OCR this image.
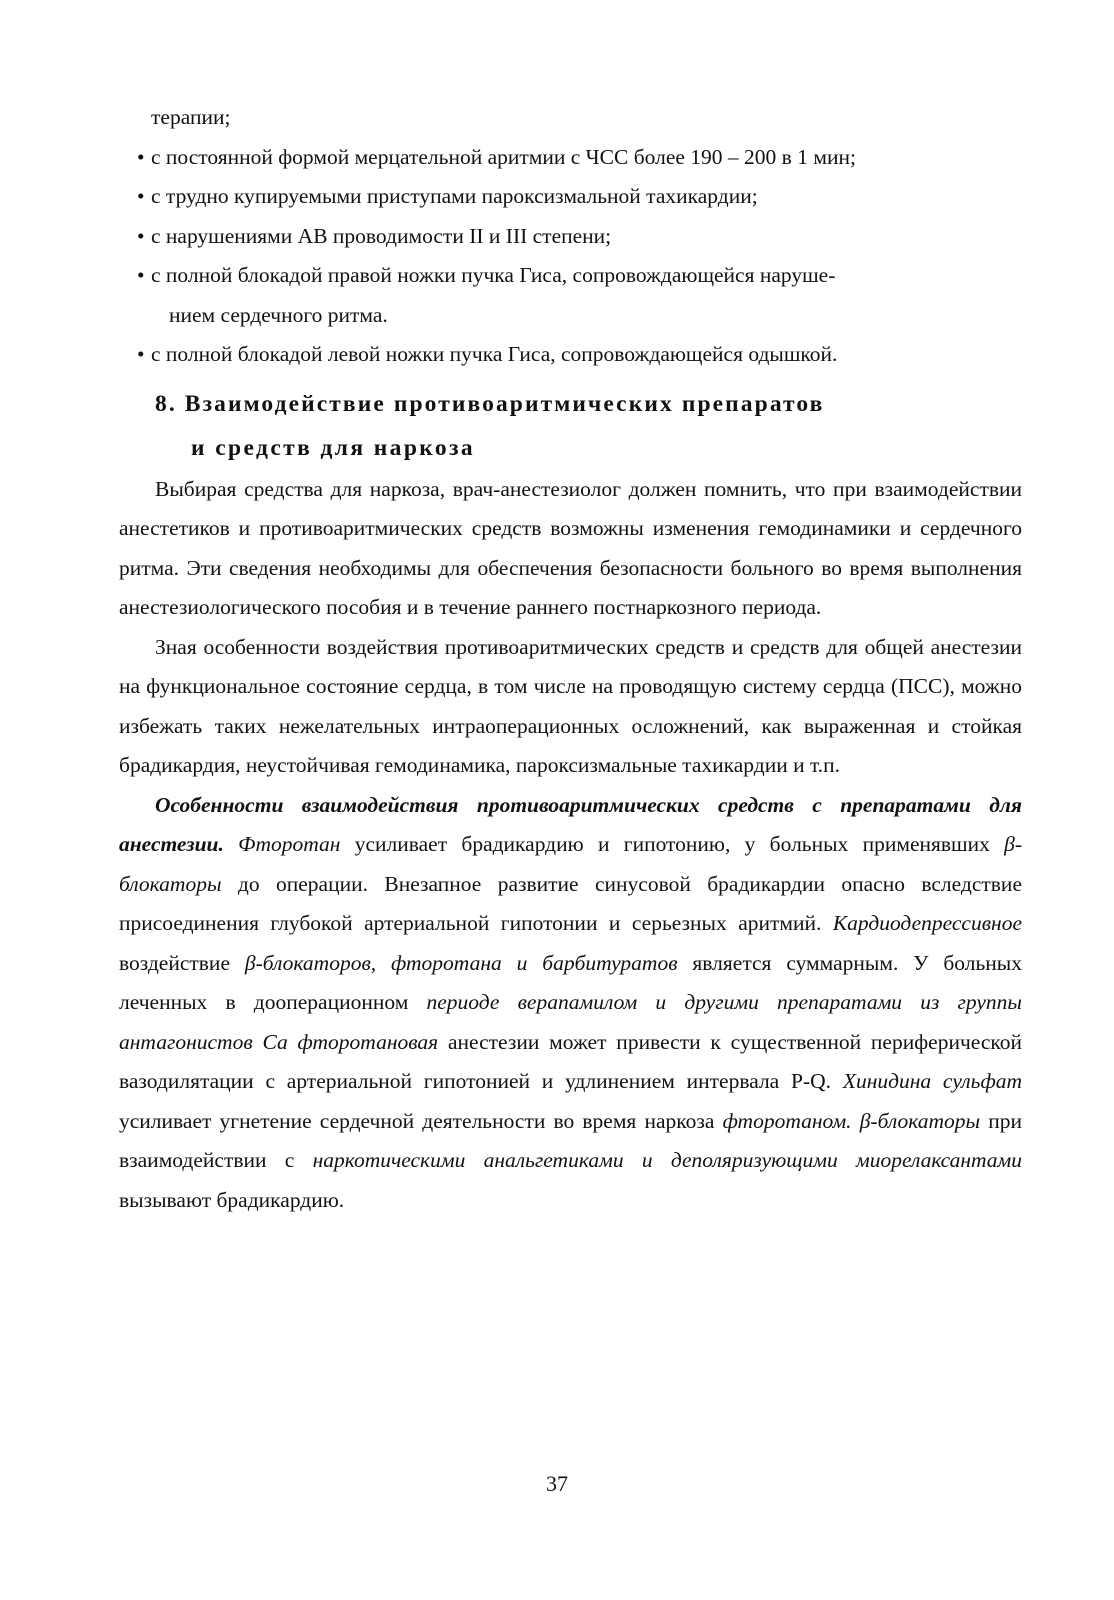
терапии;

• с постоянной формой мерцательной аритмии с ЧСС более 190 – 200 в 1 мин;
• с трудно купируемыми приступами пароксизмальной тахикардии;
• с нарушениями АВ проводимости II и III степени;
• с полной блокадой правой ножки пучка Гиса, сопровождающейся наруше-
нием сердечного ритма.
• с полной блокадой левой ножки пучка Гиса, сопровождающейся одышкой.
8. Взаимодействие противоаритмических препаратов
и средств для наркоза

Выбирая средства для наркоза, врач-анестезиолог должен помнить, что при взаимодействии анестетиков и противоаритмических средств возможны изменения гемодинамики и сердечного ритма. Эти сведения необходимы для обеспечения безопасности больного во время выполнения анестезиологического пособия и в течение раннего постнаркозного периода.

Зная особенности воздействия противоаритмических средств и средств для общей анестезии на функциональное состояние сердца, в том числе на проводящую систему сердца (ПСС), можно избежать таких нежелательных интраоперационных осложнений, как выраженная и стойкая брадикардия, неустойчивая гемодинамика, пароксизмальные тахикардии и т.п.

Особенности взаимодействия противоаритмических средств с препаратами для анестезии. Фторотан усиливает брадикардию и гипотонию, у больных применявших β-блокаторы до операции. Внезапное развитие синусовой брадикардии опасно вследствие присоединения глубокой артериальной гипотонии и серьезных аритмий. Кардиодепрессивное воздействие β-блокаторов, фторотана и барбитуратов является суммарным. У больных леченных в дооперационном периоде верапамилом и другими препаратами из группы антагонистов Са фторотановая анестезии может привести к существенной периферической вазодилятации с артериальной гипотонией и удлинением интервала P-Q. Хинидина сульфат усиливает угнетение сердечной деятельности во время наркоза фторотаном. β-блокаторы при взаимодействии с наркотическими анальгетиками и деполяризующими миорелаксантами вызывают брадикардию.

37
